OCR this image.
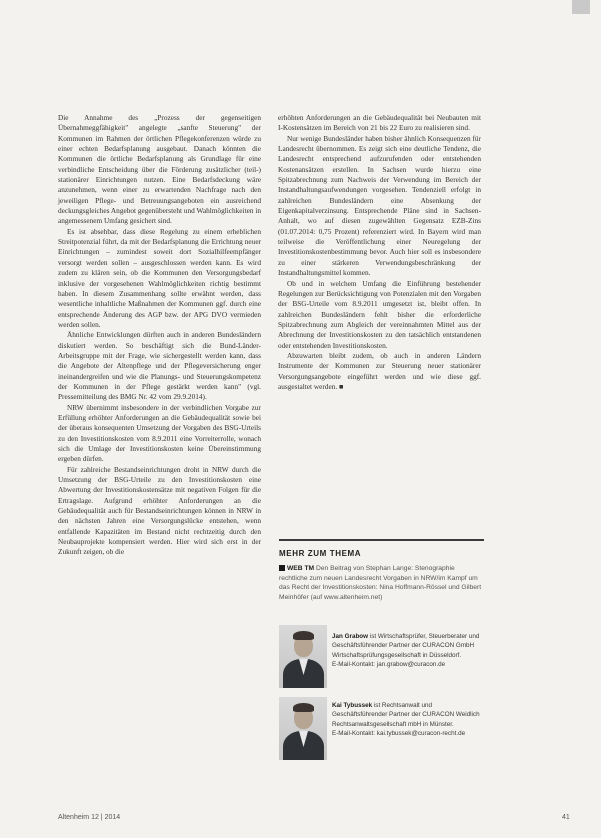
Die Annahme des „Prozess der gegenseitigen Übernahmeggfähigkeit" angelegte „sanfte Steuerung" der Kommunen im Rahmen der örtlichen Pflegekonferenzen würde zu einer echten Bedarfsplanung ausgebaut. Danach könnten die Kommunen die örtliche Bedarfsplanung als Grundlage für eine verbindliche Entscheidung über die Förderung zusätzlicher (teil-) stationärer Einrichtungen nutzen. Eine Bedarfsdeckung wäre anzunehmen, wenn einer zu erwartenden Nachfrage nach den jeweiligen Pflege- und Betreuungsangeboten ein ausreichend deckungsgleiches Angebot gegenübersteht und Wahlmöglichkeiten in angemessenem Umfang gesichert sind.

Es ist absehbar, dass diese Regelung zu einem erheblichen Streitpotenzial führt, da mit der Bedarfsplanung die Errichtung neuer Einrichtungen – zumindest soweit dort Sozialhilfeempfänger versorgt werden sollen – ausgeschlossen werden kann. Es wird zudem zu klären sein, ob die Kommunen den Versorgungsbedarf inklusive der vorgesehenen Wahlmöglichkeiten richtig bestimmt haben. In diesem Zusammenhang sollte erwähnt werden, dass wesentliche inhaltliche Maßnahmen der Kommunen ggf. durch eine entsprechende Änderung des AGP bzw. der APG DVO vermieden werden sollen.

Ähnliche Entwicklungen dürften auch in anderen Bundesländern diskutiert werden. So beschäftigt sich die Bund-Länder-Arbeitsgruppe mit der Frage, wie sichergestellt werden kann, dass die Angebote der Altenpflege und der Pflegeversicherung enger ineinandergreifen und wie die Planungs- und Steuerungskompetenz der Kommunen in der Pflege gestärkt werden kann" (vgl. Pressemitteilung des BMG Nr. 42 vom 29.9.2014).

NRW übernimmt insbesondere in der verbindlichen Vorgabe zur Erfüllung erhöhter Anforderungen an die Gebäudequalität sowie bei der überaus konsequenten Umsetzung der Vorgaben des BSG-Urteils zu den Investitionskosten vom 8.9.2011 eine Vorreiterrolle, wonach sich die Umlage der Investitionskosten keine Übereinstimmung ergeben dürfen.

Für zahlreiche Bestandseinrichtungen droht in NRW durch die Umsetzung der BSG-Urteile zu den Investitionskosten eine Abwertung der Investitionskostensätze mit negativen Folgen für die Ertragslage. Aufgrund erhöhter Anforderungen an die Gebäudequalität auch für Bestandseinrichtungen können in NRW in den nächsten Jahren eine Versorgungslücke entstehen, wenn entfallende Kapazitäten im Bestand nicht rechtzeitig durch den Neubauprojekte kompensiert werden. Hier wird sich erst in der Zukunft zeigen, ob die

erhöhten Anforderungen an die Gebäudequalität bei Neubauten mit I-Kostensätzen im Bereich von 21 bis 22 Euro zu realisieren sind.

Nur wenige Bundesländer haben bisher ähnlich Konsequenzen für Landesrecht übernommen. Es zeigt sich eine deutliche Tendenz, die Landesrecht entsprechend aufzurufenden oder entstehenden Kostenansätzen erstellen. In Sachsen wurde hierzu eine Spitzabrechnung zum Nachweis der Verwendung im Bereich der Instandhaltungsaufwendungen vorgesehen. Tendenziell erfolgt in zahlreichen Bundesländern eine Absenkung der Eigenkapitalverzinsung. Entsprechende Pläne sind in Sachsen-Anhalt, wo auf diesen zugewählten Gegensatz EZB-Zins (01.07.2014: 0,75 Prozent) referenziert wird. In Bayern wird man teilweise die Veröffentlichung einer Neuregelung der Investitionskostenbestimmung bevor. Auch hier soll es insbesondere zu einer stärkeren Verwendungsbeschränkung der Instandhaltungsmittel kommen.

Ob und in welchem Umfang die Einführung bestehender Regelungen zur Berücksichtigung von Potenzialen mit den Vorgaben der BSG-Urteile vom 8.9.2011 umgesetzt ist, bleibt offen. In zahlreichen Bundesländern fehlt bisher die erforderliche Spitzabrechnung zum Abgleich der vereinnahmten Mittel aus der Abrechnung der Investitionskosten zu den tatsächlich entstandenen oder entstehenden Investitionskosten.

Abzuwarten bleibt zudem, ob auch in anderen Ländern Instrumente der Kommunen zur Steuerung neuer stationärer Versorgungsangebote eingeführt werden und wie diese ggf. ausgestaltet werden. ■

MEHR ZUM THEMA

WEB TM Den Beitrag von Stephan Lange: Stenographie rechtliche zum neuen Landesrecht Vorgaben in NRW/im Kampf um das Recht der Investitionskosten: Nina Hoffmann-Rössel und Gilbert Meinhöfer (auf www.altenheim.net)

Jan Grabow ist Wirtschaftsprüfer, Steuerberater und Geschäftsführender Partner der CURACON GmbH Wirtschaftsprüfungsgesellschaft in Düsseldorf.
E-Mail-Kontakt: jan.grabow@curacon.de
Kai Tybussek ist Rechtsanwalt und Geschäftsführender Partner der CURACON Weidlich Rechtsanwaltsgesellschaft mbH in Münster.
E-Mail-Kontakt: kai.tybussek@curacon-recht.de
Altenheim 12 | 2014	41
